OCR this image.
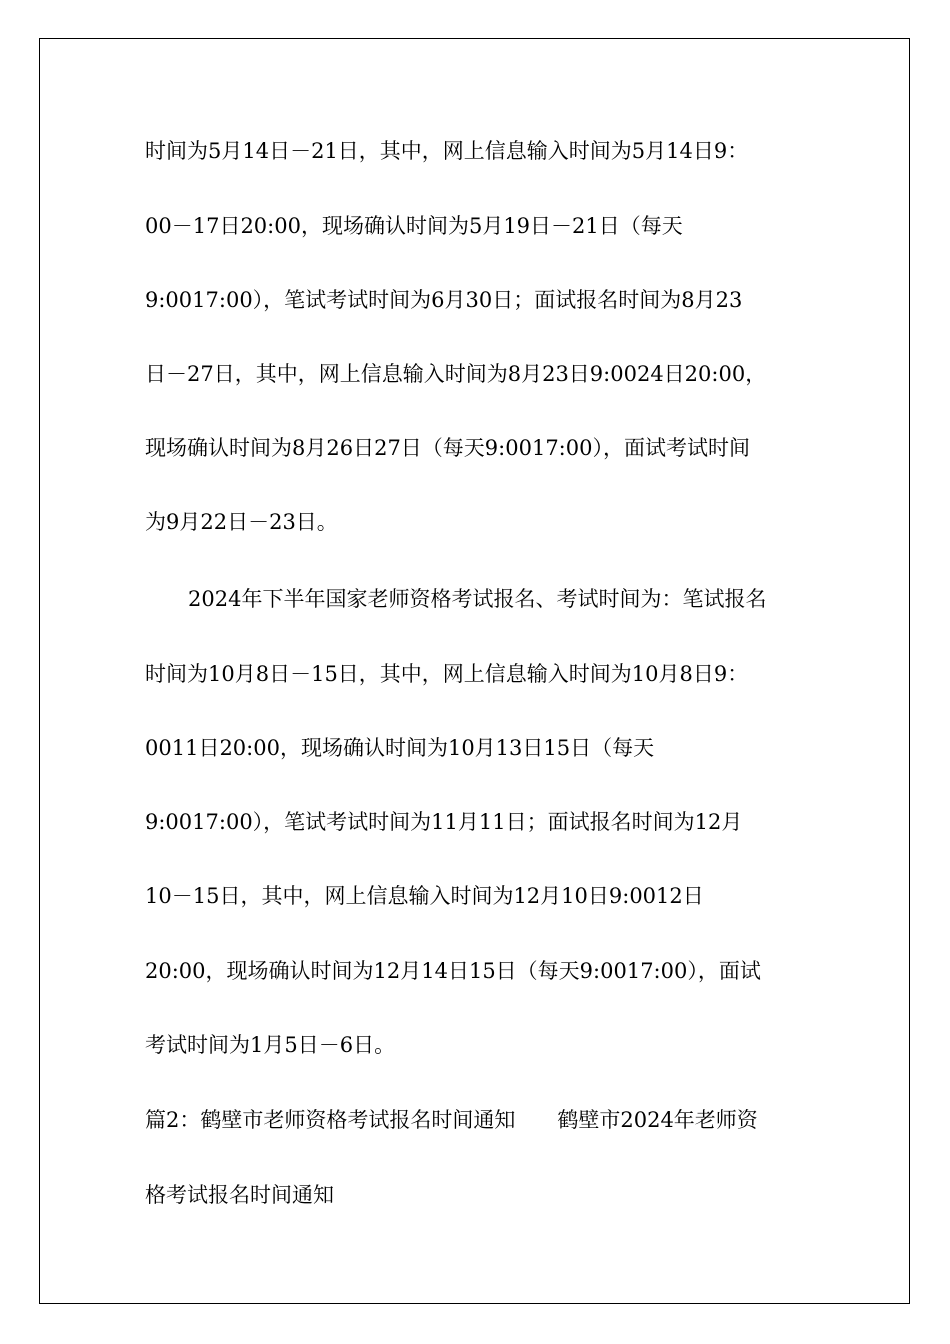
时间为5月14日－21日，其中，网上信息输入时间为5月14日9：
00－17日20:00，现场确认时间为5月19日－21日（每天
9:0017:00），笔试考试时间为6月30日；面试报名时间为8月23
日－27日，其中，网上信息输入时间为8月23日9:0024日20:00，
现场确认时间为8月26日27日（每天9:0017:00），面试考试时间
为9月22日－23日。
2024年下半年国家老师资格考试报名、考试时间为：笔试报名
时间为10月8日－15日，其中，网上信息输入时间为10月8日9：
0011日20:00，现场确认时间为10月13日15日（每天
9:0017:00），笔试考试时间为11月11日；面试报名时间为12月
10－15日，其中，网上信息输入时间为12月10日9:0012日
20:00，现场确认时间为12月14日15日（每天9:0017:00），面试
考试时间为1月5日－6日。
篇2：鹤壁市老师资格考试报名时间通知　　鹤壁市2024年老师资
格考试报名时间通知
